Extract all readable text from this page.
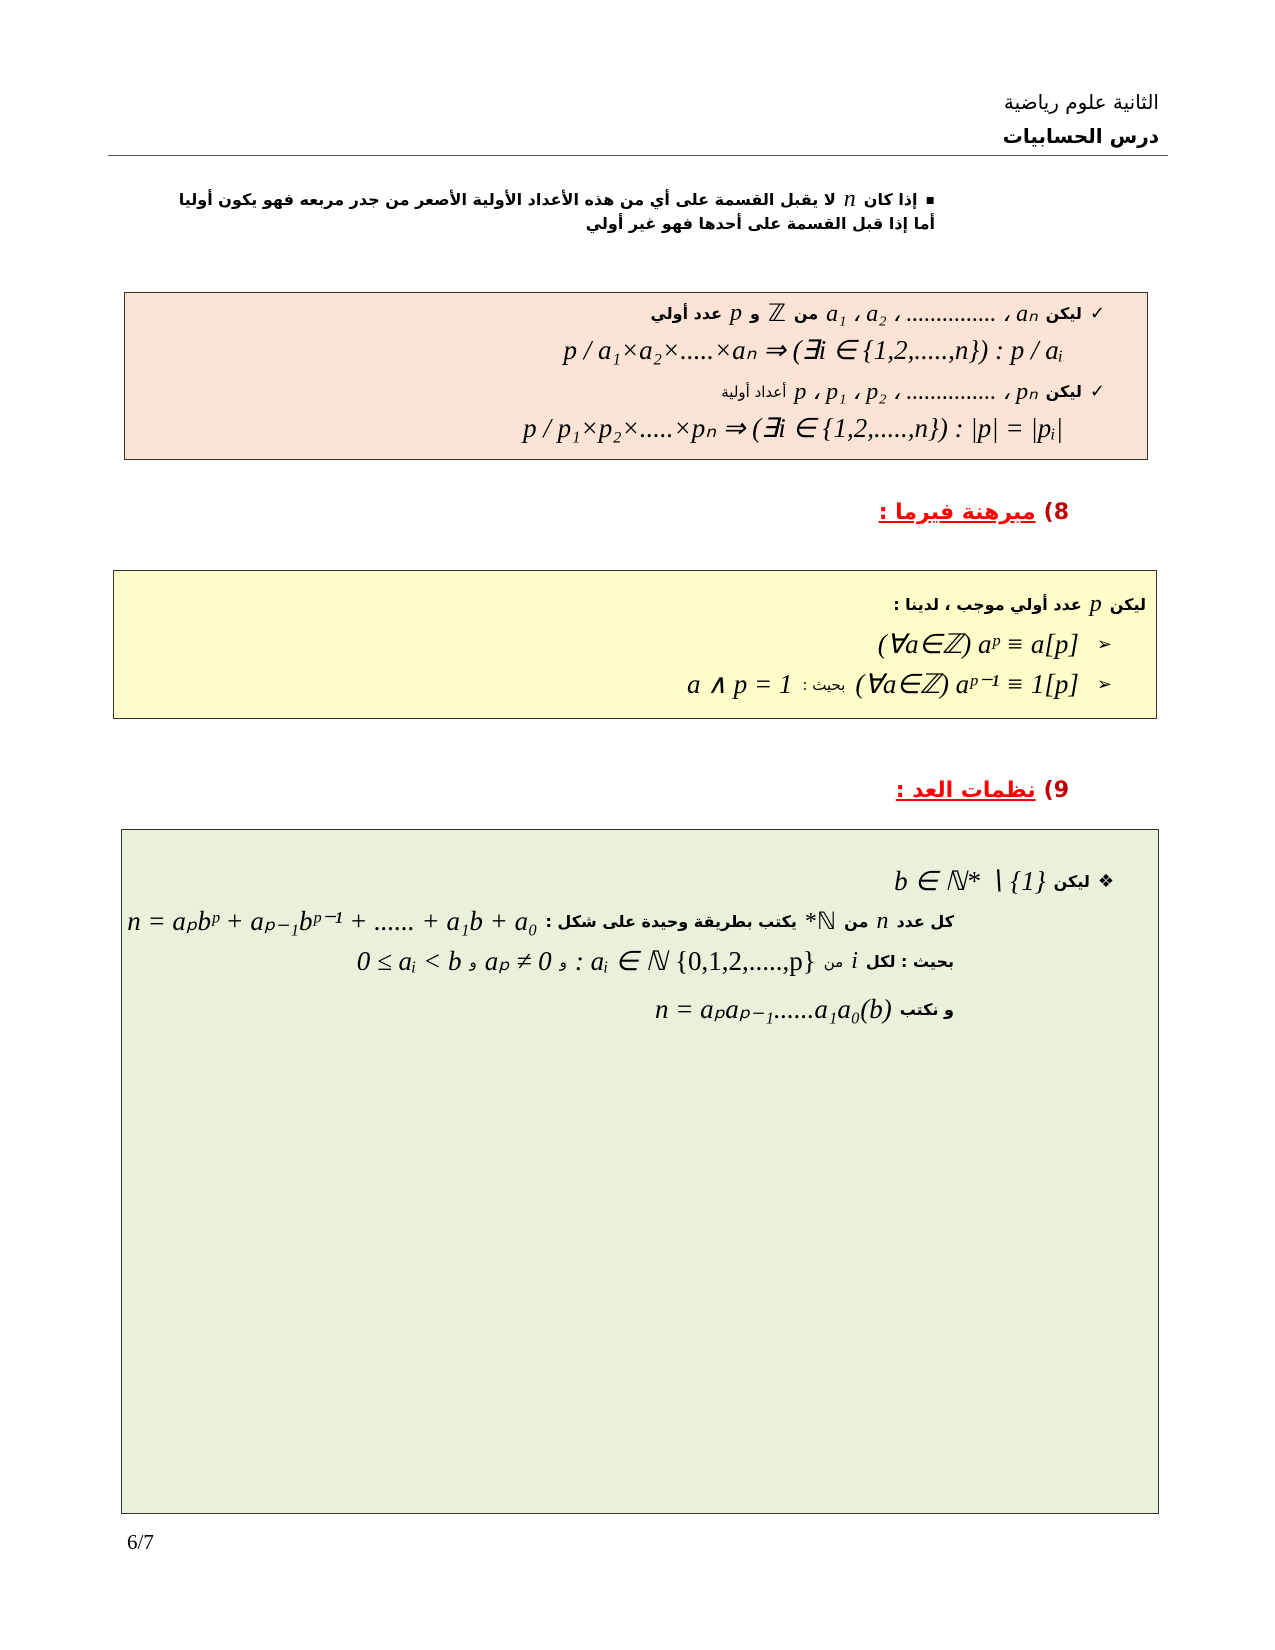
الثانية علوم رياضية
درس الحسابيات
▪
إذا كان
n
لا يقبل القسمة على أي من هذه الأعداد الأولية الأصعر من جدر مربعه فهو يكون أوليا
أما إذا قبل القسمة على أحدها فهو غير أولي
✓
ليكن
a₁ ، a₂ ، ............... ، aₙ
من
ℤ
و
p
عدد أولي
p / a₁×a₂×.....×aₙ ⇒ (∃i ∈ {1,2,.....,n}) : p / aᵢ
✓
ليكن
p ، p₁ ، p₂ ، ............... ، pₙ
أعداد أولية
p / p₁×p₂×.....×pₙ ⇒ (∃i ∈ {1,2,.....,n}) : |p| = |pᵢ|
8)
مبرهنة فيرما :
ليكن
p
عدد أولي موجب ، لدينا :
➢
(∀a∈ℤ) aᵖ ≡ a[p]
➢
(∀a∈ℤ) aᵖ⁻¹ ≡ 1[p]
بحيث :
a ∧ p = 1
9)
نظمات العد :
❖
ليكن
b ∈ ℕ* ∖ {1}
كل عدد
n
من
ℕ*
يكتب بطريقة وحيدة على شكل :
n = aₚbᵖ + aₚ₋₁bᵖ⁻¹ + ...... + a₁b + a₀
بحيث : لكل
i
من
{0,1,2,.....,p}
: aᵢ ∈ ℕ
و
aₚ ≠ 0
و
0 ≤ aᵢ < b
و نكتب
n = aₚaₚ₋₁......a₁a₀(b)
6/7
